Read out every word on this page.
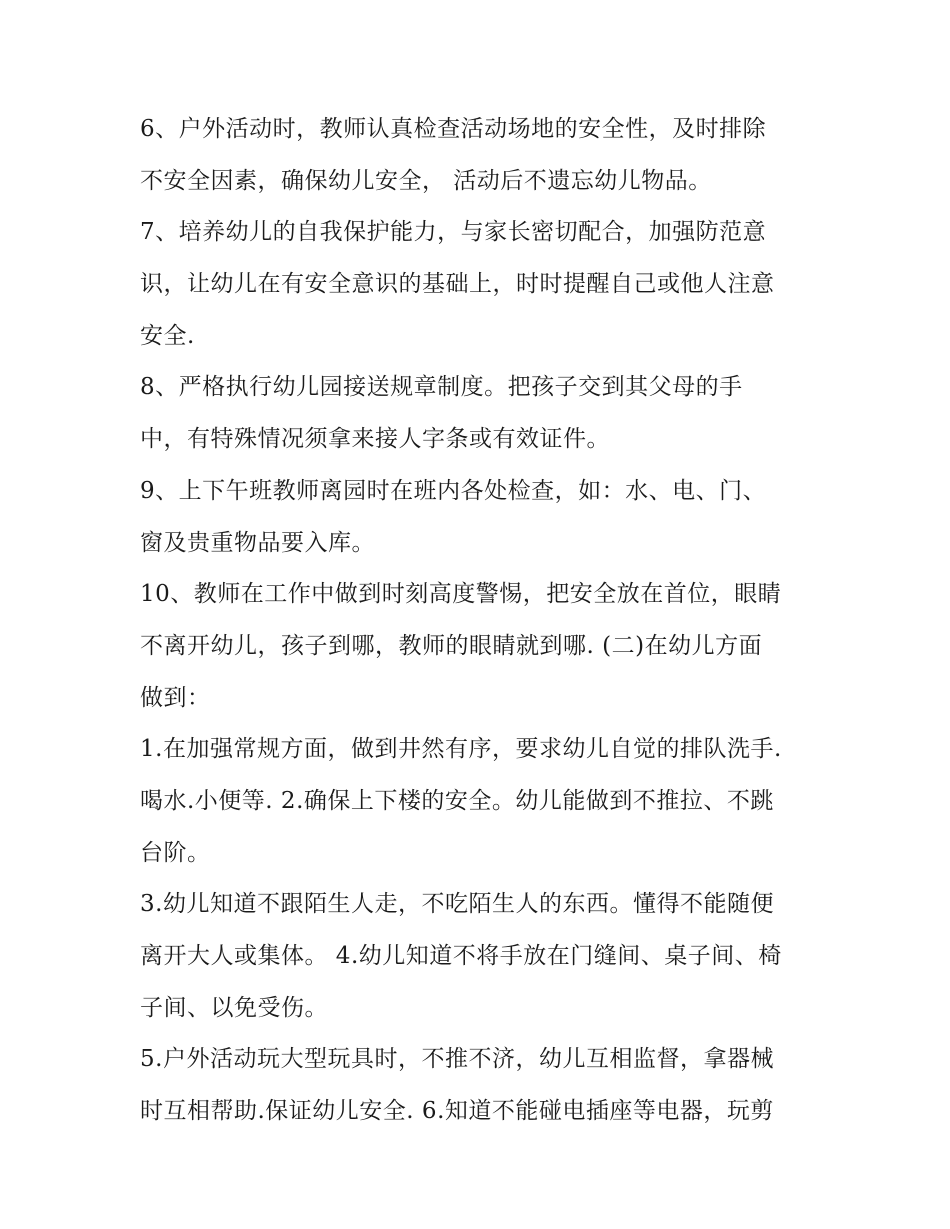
6、户外活动时，教师认真检查活动场地的安全性，及时排除
不安全因素，确保幼儿安全， 活动后不遗忘幼儿物品。
7、培养幼儿的自我保护能力，与家长密切配合，加强防范意
识，让幼儿在有安全意识的基础上，时时提醒自己或他人注意
安全.
8、严格执行幼儿园接送规章制度。把孩子交到其父母的手
中，有特殊情况须拿来接人字条或有效证件。
9、上下午班教师离园时在班内各处检查，如：水、电、门、
窗及贵重物品要入库。
10、教师在工作中做到时刻高度警惕，把安全放在首位，眼睛
不离开幼儿，孩子到哪，教师的眼睛就到哪. (二)在幼儿方面
做到：
1.在加强常规方面，做到井然有序，要求幼儿自觉的排队洗手.
喝水.小便等. 2.确保上下楼的安全。幼儿能做到不推拉、不跳
台阶。
3.幼儿知道不跟陌生人走，不吃陌生人的东西。懂得不能随便
离开大人或集体。 4.幼儿知道不将手放在门缝间、桌子间、椅
子间、以免受伤。
5.户外活动玩大型玩具时，不推不济，幼儿互相监督，拿器械
时互相帮助.保证幼儿安全. 6.知道不能碰电插座等电器，玩剪
